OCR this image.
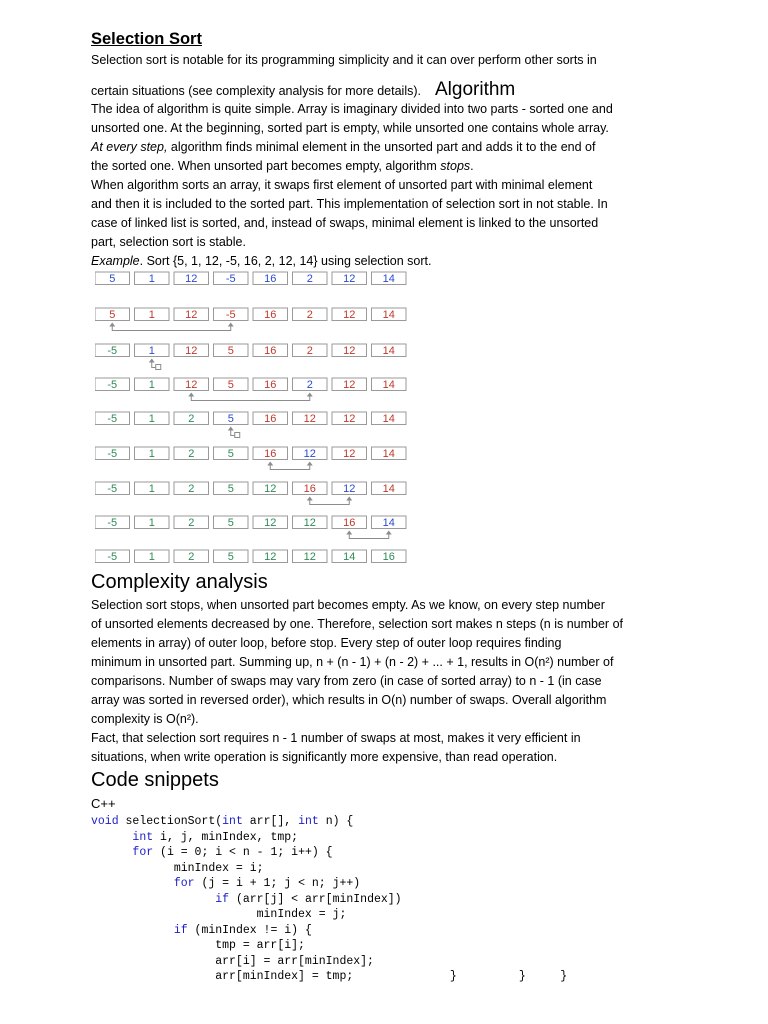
Selection Sort
Selection sort is notable for its programming simplicity and it can over perform other sorts in
certain situations (see complexity analysis for more details). Algorithm
The idea of algorithm is quite simple. Array is imaginary divided into two parts - sorted one and
unsorted one. At the beginning, sorted part is empty, while unsorted one contains whole array.
At every step, algorithm finds minimal element in the unsorted part and adds it to the end of
the sorted one. When unsorted part becomes empty, algorithm stops.
When algorithm sorts an array, it swaps first element of unsorted part with minimal element
and then it is included to the sorted part. This implementation of selection sort in not stable. In
case of linked list is sorted, and, instead of swaps, minimal element is linked to the unsorted
part, selection sort is stable.
Example. Sort {5, 1, 12, -5, 16, 2, 12, 14} using selection sort.
5	1	12	-5	16	2	12 14
5	1	12	-5	16	2	12 14
-5	1	12	5	16	2	12 14
-5	1	12	5	16	2	12 14
-5	1	2	5	16 12 12 14
-5	1	2	5	16 12 12 14
-5	1	2	5	12 16 12 14
-5	1	2	5	12 12 16 14
-5	1	2	5	12 12 14 16
Complexity analysis
Selection sort stops, when unsorted part becomes empty. As we know, on every step number
of unsorted elements decreased by one. Therefore, selection sort makes n steps (n is number of
elements in array) of outer loop, before stop. Every step of outer loop requires finding
minimum in unsorted part. Summing up, n + (n - 1) + (n - 2) + ... + 1, results in O(n²) number of
comparisons. Number of swaps may vary from zero (in case of sorted array) to n - 1 (in case
array was sorted in reversed order), which results in O(n) number of swaps. Overall algorithm
complexity is O(n²).
Fact, that selection sort requires n - 1 number of swaps at most, makes it very efficient in
situations, when write operation is significantly more expensive, than read operation.
Code snippets
C++
void selectionSort(int arr[], int n) {
int i, j, minIndex, tmp;
for (i = 0; i < n - 1; i++) {
minIndex = i;
for (j = i + 1; j < n; j++)
if (arr[j] < arr[minIndex])
minIndex = j;
if (minIndex != i) {
tmp = arr[i];
arr[i] = arr[minIndex];
arr[minIndex] = tmp;              }         }     }
